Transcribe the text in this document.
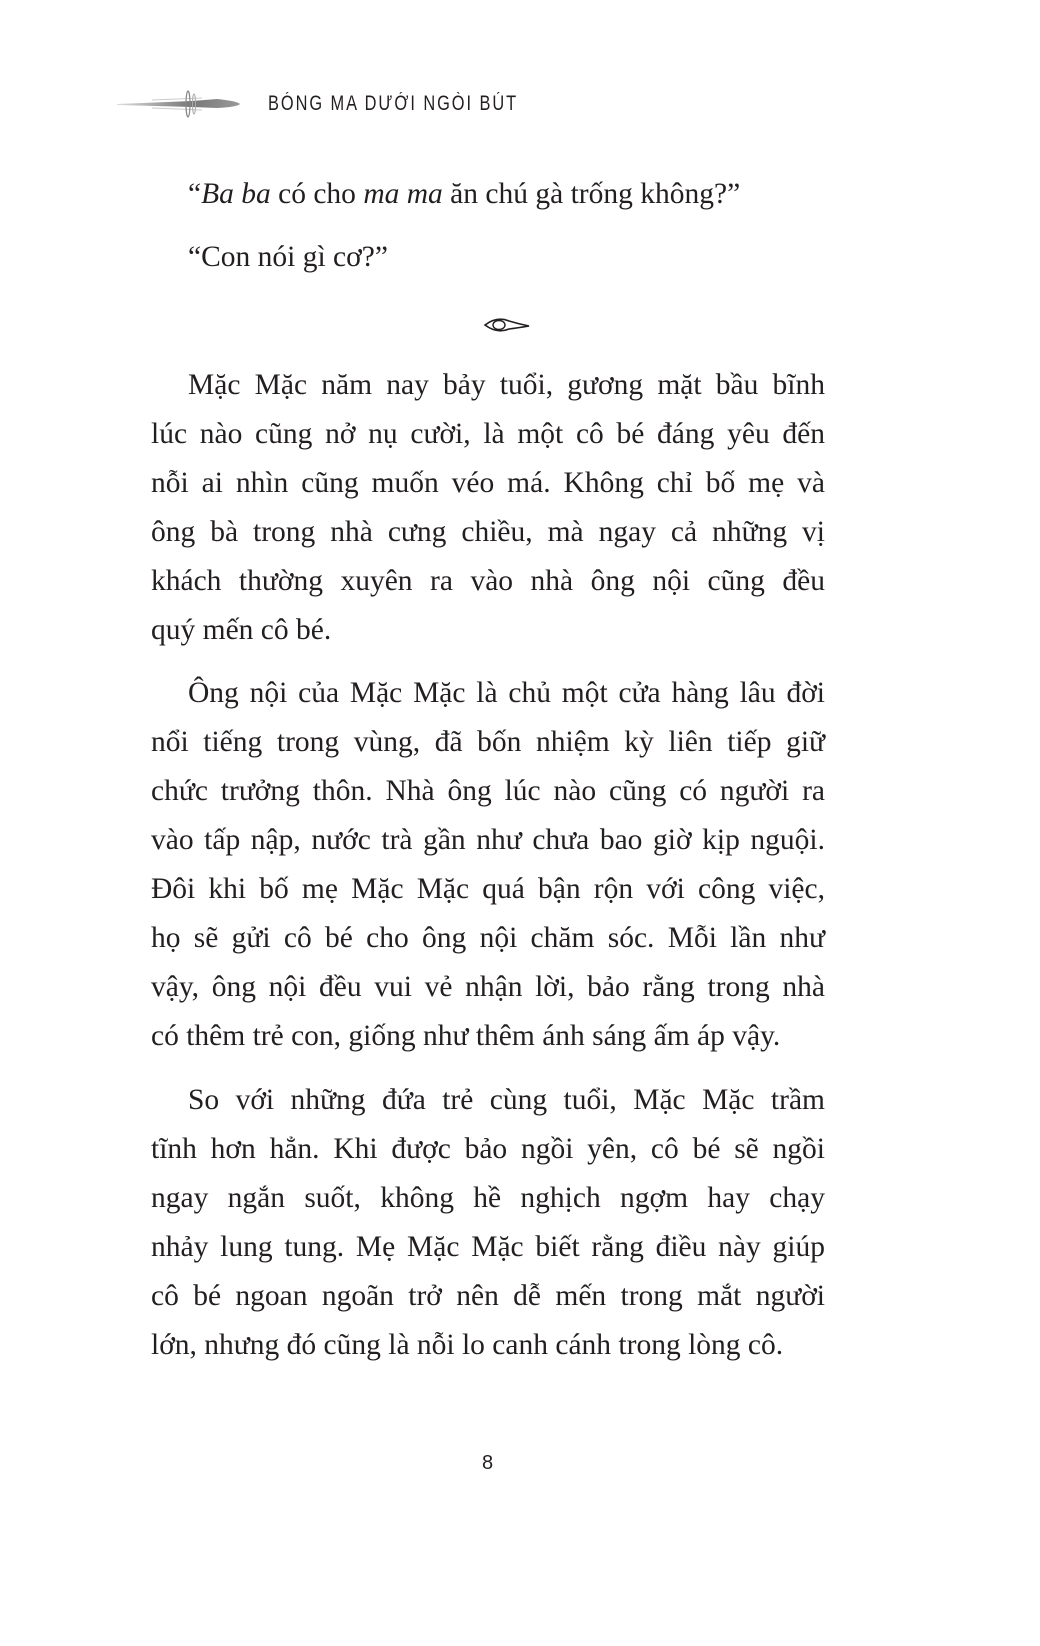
BÓNG MA DƯỚI NGÒI BÚT
“Ba ba có cho ma ma ăn chú gà trống không?”
“Con nói gì cơ?”
Mặc Mặc năm nay bảy tuổi, gương mặt bầu bĩnh
lúc nào cũng nở nụ cười, là một cô bé đáng yêu đến
nỗi ai nhìn cũng muốn véo má. Không chỉ bố mẹ và
ông bà trong nhà cưng chiều, mà ngay cả những vị
khách thường xuyên ra vào nhà ông nội cũng đều
quý mến cô bé.
Ông nội của Mặc Mặc là chủ một cửa hàng lâu đời
nổi tiếng trong vùng, đã bốn nhiệm kỳ liên tiếp giữ
chức trưởng thôn. Nhà ông lúc nào cũng có người ra
vào tấp nập, nước trà gần như chưa bao giờ kịp nguội.
Đôi khi bố mẹ Mặc Mặc quá bận rộn với công việc,
họ sẽ gửi cô bé cho ông nội chăm sóc. Mỗi lần như
vậy, ông nội đều vui vẻ nhận lời, bảo rằng trong nhà
có thêm trẻ con, giống như thêm ánh sáng ấm áp vậy.
So với những đứa trẻ cùng tuổi, Mặc Mặc trầm
tĩnh hơn hẳn. Khi được bảo ngồi yên, cô bé sẽ ngồi
ngay ngắn suốt, không hề nghịch ngợm hay chạy
nhảy lung tung. Mẹ Mặc Mặc biết rằng điều này giúp
cô bé ngoan ngoãn trở nên dễ mến trong mắt người
lớn, nhưng đó cũng là nỗi lo canh cánh trong lòng cô.
8
